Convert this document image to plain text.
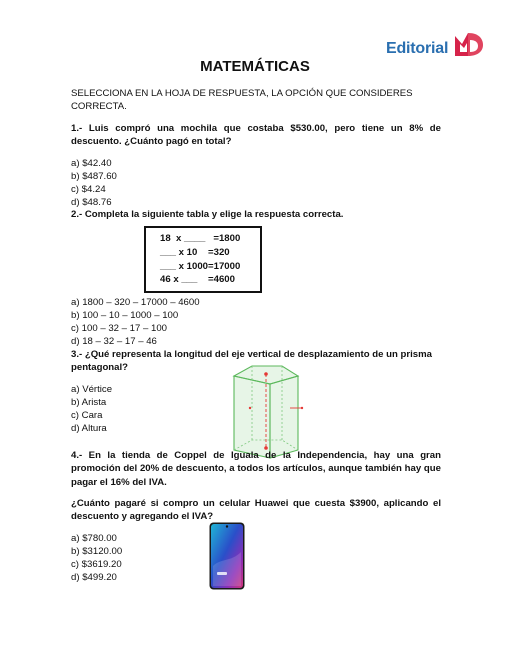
Editorial
MATEMÁTICAS
SELECCIONA EN LA HOJA DE RESPUESTA, LA OPCIÓN QUE CONSIDERES CORRECTA.
1.- Luis compró una mochila que costaba $530.00, pero tiene un 8% de descuento. ¿Cuánto pagó en total?
a) $42.40
b) $487.60
c) $4.24
d) $48.76
2.- Completa la siguiente tabla y elige la respuesta correcta.
18  x ____   =1800
___ x 10    =320
___ x 1000=17000
46 x ___    =4600
a) 1800 – 320 – 17000 – 4600
b) 100 – 10 – 1000 – 100
c) 100 – 32 – 17 – 100
d) 18 – 32 – 17 – 46
3.- ¿Qué representa la longitud del eje vertical de desplazamiento de un prisma pentagonal?
a) Vértice
b) Arista
c) Cara
d) Altura
4.- En la tienda de Coppel de Iguala de la Independencia, hay una gran promoción del 20% de descuento, a todos los artículos, aunque también hay que pagar el 16% del IVA.
¿Cuánto pagaré si compro un celular Huawei que cuesta $3900, aplicando el descuento y agregando el IVA?
a) $780.00
b) $3120.00
c) $3619.20
d) $499.20
